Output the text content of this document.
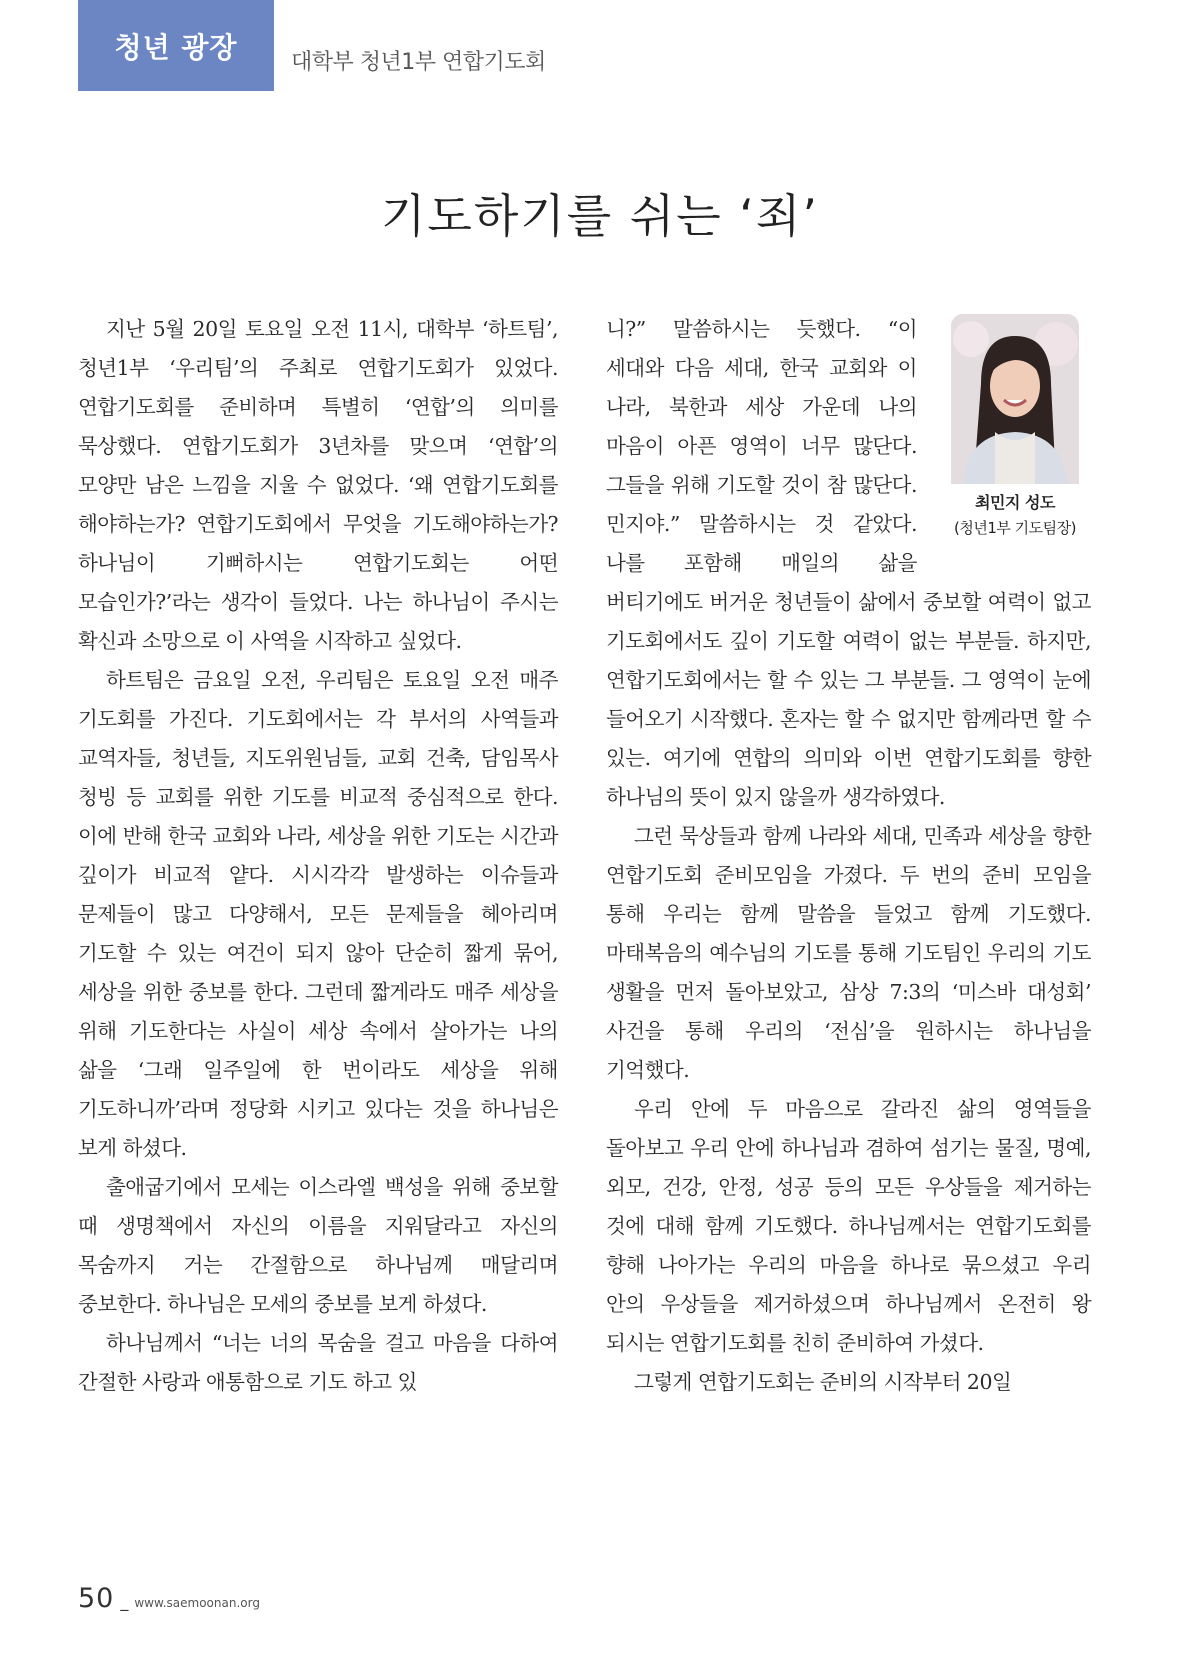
청년 광장 대학부 청년1부 연합기도회
기도하기를 쉬는 ‘죄’

지난 5월 20일 토요일 오전 11시, 대학부 ‘하트팀’, 청년1부 ‘우리팀’의 주최로 연합기도회가 있었다. 연합기도회를 준비하며 특별히 ‘연합’의 의미를 묵상했다. 연합기도회가 3년차를 맞으며 ‘연합’의 모양만 남은 느낌을 지울 수 없었다. ‘왜 연합기도회를 해야하는가? 연합기도회에서 무엇을 기도해야하는가? 하나님이 기뻐하시는 연합기도회는 어떤 모습인가?’라는 생각이 들었다. 나는 하나님이 주시는 확신과 소망으로 이 사역을 시작하고 싶었다.

하트팀은 금요일 오전, 우리팀은 토요일 오전 매주 기도회를 가진다. 기도회에서는 각 부서의 사역들과 교역자들, 청년들, 지도위원님들, 교회 건축, 담임목사 청빙 등 교회를 위한 기도를 비교적 중심적으로 한다. 이에 반해 한국 교회와 나라, 세상을 위한 기도는 시간과 깊이가 비교적 얕다. 시시각각 발생하는 이슈들과 문제들이 많고 다양해서, 모든 문제들을 헤아리며 기도할 수 있는 여건이 되지 않아 단순히 짧게 묶어, 세상을 위한 중보를 한다. 그런데 짧게라도 매주 세상을 위해 기도한다는 사실이 세상 속에서 살아가는 나의 삶을 ‘그래 일주일에 한 번이라도 세상을 위해 기도하니까’라며 정당화 시키고 있다는 것을 하나님은 보게 하셨다.

출애굽기에서 모세는 이스라엘 백성을 위해 중보할 때 생명책에서 자신의 이름을 지워달라고 자신의 목숨까지 거는 간절함으로 하나님께 매달리며 중보한다. 하나님은 모세의 중보를 보게 하셨다.

하나님께서 “너는 너의 목숨을 걸고 마음을 다하여 간절한 사랑과 애통함으로 기도 하고 있

최민지 성도
(청년1부 기도팀장)

니?” 말씀하시는 듯했다. “이 세대와 다음 세대, 한국 교회와 이 나라, 북한과 세상 가운데 나의 마음이 아픈 영역이 너무 많단다. 그들을 위해 기도할 것이 참 많단다. 민지야.” 말씀하시는 것 같았다. 나를 포함해 매일의 삶을 버티기에도 버거운 청년들이 삶에서 중보할 여력이 없고 기도회에서도 깊이 기도할 여력이 없는 부분들. 하지만, 연합기도회에서는 할 수 있는 그 부분들. 그 영역이 눈에 들어오기 시작했다. 혼자는 할 수 없지만 함께라면 할 수 있는. 여기에 연합의 의미와 이번 연합기도회를 향한 하나님의 뜻이 있지 않을까 생각하였다.

그런 묵상들과 함께 나라와 세대, 민족과 세상을 향한 연합기도회 준비모임을 가졌다. 두 번의 준비 모임을 통해 우리는 함께 말씀을 들었고 함께 기도했다. 마태복음의 예수님의 기도를 통해 기도팀인 우리의 기도 생활을 먼저 돌아보았고, 삼상 7:3의 ‘미스바 대성회’ 사건을 통해 우리의 ‘전심’을 원하시는 하나님을 기억했다.

우리 안에 두 마음으로 갈라진 삶의 영역들을 돌아보고 우리 안에 하나님과 겸하여 섬기는 물질, 명예, 외모, 건강, 안정, 성공 등의 모든 우상들을 제거하는 것에 대해 함께 기도했다. 하나님께서는 연합기도회를 향해 나아가는 우리의 마음을 하나로 묶으셨고 우리 안의 우상들을 제거하셨으며 하나님께서 온전히 왕 되시는 연합기도회를 친히 준비하여 가셨다.

그렇게 연합기도회는 준비의 시작부터 20일

50 _ www.saemoonan.org
